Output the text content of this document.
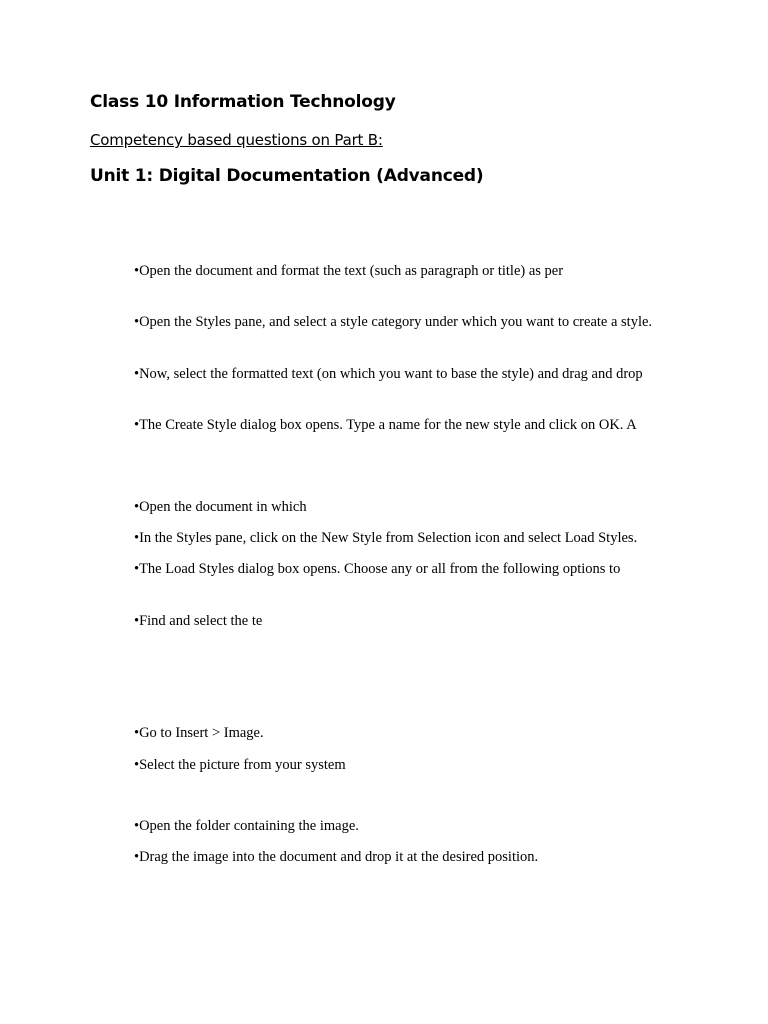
Class 10 Information Technology

Competency based questions on Part B:

Unit 1: Digital Documentation (Advanced)

•Open the document and format the text (such as paragraph or title) as per

•Open the Styles pane, and select a style category under which you want to create a style.

•Now, select the formatted text (on which you want to base the style) and drag and drop

•The Create Style dialog box opens. Type a name for the new style and click on OK. A

•Open the document in which

•In the Styles pane, click on the New Style from Selection icon and select Load Styles.

•The Load Styles dialog box opens. Choose any or all from the following options to

•Find and select the te

•Go to Insert > Image.

•Select the picture from your system

•Open the folder containing the image.

•Drag the image into the document and drop it at the desired position.
